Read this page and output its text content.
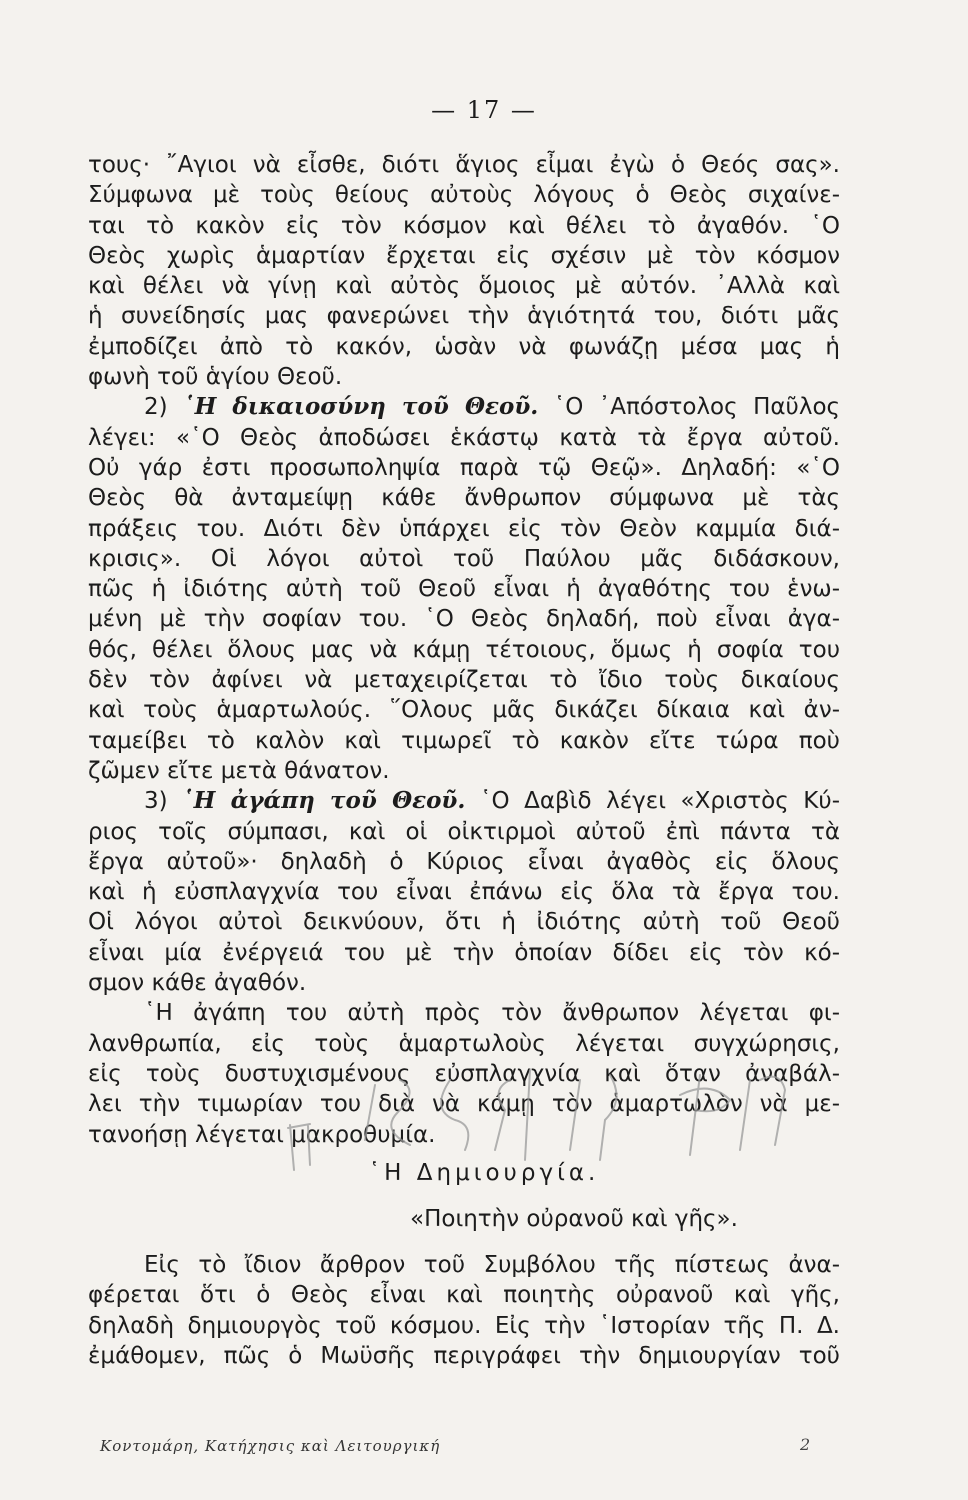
— 17 —
τους· ῎Αγιοι νὰ εἶσθε, διότι ἅγιος εἶμαι ἐγὼ ὁ Θεός σας».
Σύμφωνα μὲ τοὺς θείους αὐτοὺς λόγους ὁ Θεὸς σιχαίνε-
ται τὸ κακὸν εἰς τὸν κόσμον καὶ θέλει τὸ ἀγαθόν. ῾Ο
Θεὸς χωρὶς ἁμαρτίαν ἔρχεται εἰς σχέσιν μὲ τὸν κόσμον
καὶ θέλει νὰ γίνῃ καὶ αὐτὸς ὅμοιος μὲ αὐτόν. ᾿Αλλὰ καὶ
ἡ συνείδησίς μας φανερώνει τὴν ἁγιότητά του, διότι μᾶς
ἐμποδίζει ἀπὸ τὸ κακόν, ὡσὰν νὰ φωνάζῃ μέσα μας ἡ
φωνὴ τοῦ ἁγίου Θεοῦ.
2) ῾Η δικαιοσύνη τοῦ Θεοῦ. ῾Ο ᾿Απόστολος Παῦλος
λέγει: «῾Ο Θεὸς ἀποδώσει ἑκάστῳ κατὰ τὰ ἔργα αὐτοῦ.
Οὐ γάρ ἐστι προσωποληψία παρὰ τῷ Θεῷ». Δηλαδή: «῾Ο
Θεὸς θὰ ἀνταμείψῃ κάθε ἄνθρωπον σύμφωνα μὲ τὰς
πράξεις του. Διότι δὲν ὑπάρχει εἰς τὸν Θεὸν καμμία διά-
κρισις». Οἱ λόγοι αὐτοὶ τοῦ Παύλου μᾶς διδάσκουν,
πῶς ἡ ἰδιότης αὐτὴ τοῦ Θεοῦ εἶναι ἡ ἀγαθότης του ἑνω-
μένη μὲ τὴν σοφίαν του. ῾Ο Θεὸς δηλαδή, ποὺ εἶναι ἀγα-
θός, θέλει ὅλους μας νὰ κάμῃ τέτοιους, ὅμως ἡ σοφία του
δὲν τὸν ἀφίνει νὰ μεταχειρίζεται τὸ ἴδιο τοὺς δικαίους
καὶ τοὺς ἁμαρτωλούς. ῞Ολους μᾶς δικάζει δίκαια καὶ ἀν-
ταμείβει τὸ καλὸν καὶ τιμωρεῖ τὸ κακὸν εἴτε τώρα ποὺ
ζῶμεν εἴτε μετὰ θάνατον.
3) ῾Η ἀγάπη τοῦ Θεοῦ. ῾Ο Δαβὶδ λέγει «Χριστὸς Κύ-
ριος τοῖς σύμπασι, καὶ οἱ οἰκτιρμοὶ αὐτοῦ ἐπὶ πάντα τὰ
ἔργα αὐτοῦ»· δηλαδὴ ὁ Κύριος εἶναι ἀγαθὸς εἰς ὅλους
καὶ ἡ εὐσπλαγχνία του εἶναι ἐπάνω εἰς ὅλα τὰ ἔργα του.
Οἱ λόγοι αὐτοὶ δεικνύουν, ὅτι ἡ ἰδιότης αὐτὴ τοῦ Θεοῦ
εἶναι μία ἐνέργειά του μὲ τὴν ὁποίαν δίδει εἰς τὸν κό-
σμον κάθε ἀγαθόν.
῾Η ἀγάπη του αὐτὴ πρὸς τὸν ἄνθρωπον λέγεται φι-
λανθρωπία, εἰς τοὺς ἁμαρτωλοὺς λέγεται συγχώρησις,
εἰς τοὺς δυστυχισμένους εὐσπλαγχνία καὶ ὅταν ἀναβάλ-
λει τὴν τιμωρίαν του διὰ νὰ κάμῃ τὸν ἁμαρτωλὸν νὰ με-
τανοήσῃ λέγεται μακροθυμία.
ΠΡ 1867 ΦΑ51
῾Η Δημιουργία.
«Ποιητὴν οὐρανοῦ καὶ γῆς».
Εἰς τὸ ἴδιον ἄρθρον τοῦ Συμβόλου τῆς πίστεως ἀνα-
φέρεται ὅτι ὁ Θεὸς εἶναι καὶ ποιητὴς οὐρανοῦ καὶ γῆς,
δηλαδὴ δημιουργὸς τοῦ κόσμου. Εἰς τὴν ῾Ιστορίαν τῆς Π. Δ.
ἐμάθομεν, πῶς ὁ Μωϋσῆς περιγράφει τὴν δημιουργίαν τοῦ
Κοντομάρη, Κατήχησις καὶ Λειτουργική	2
